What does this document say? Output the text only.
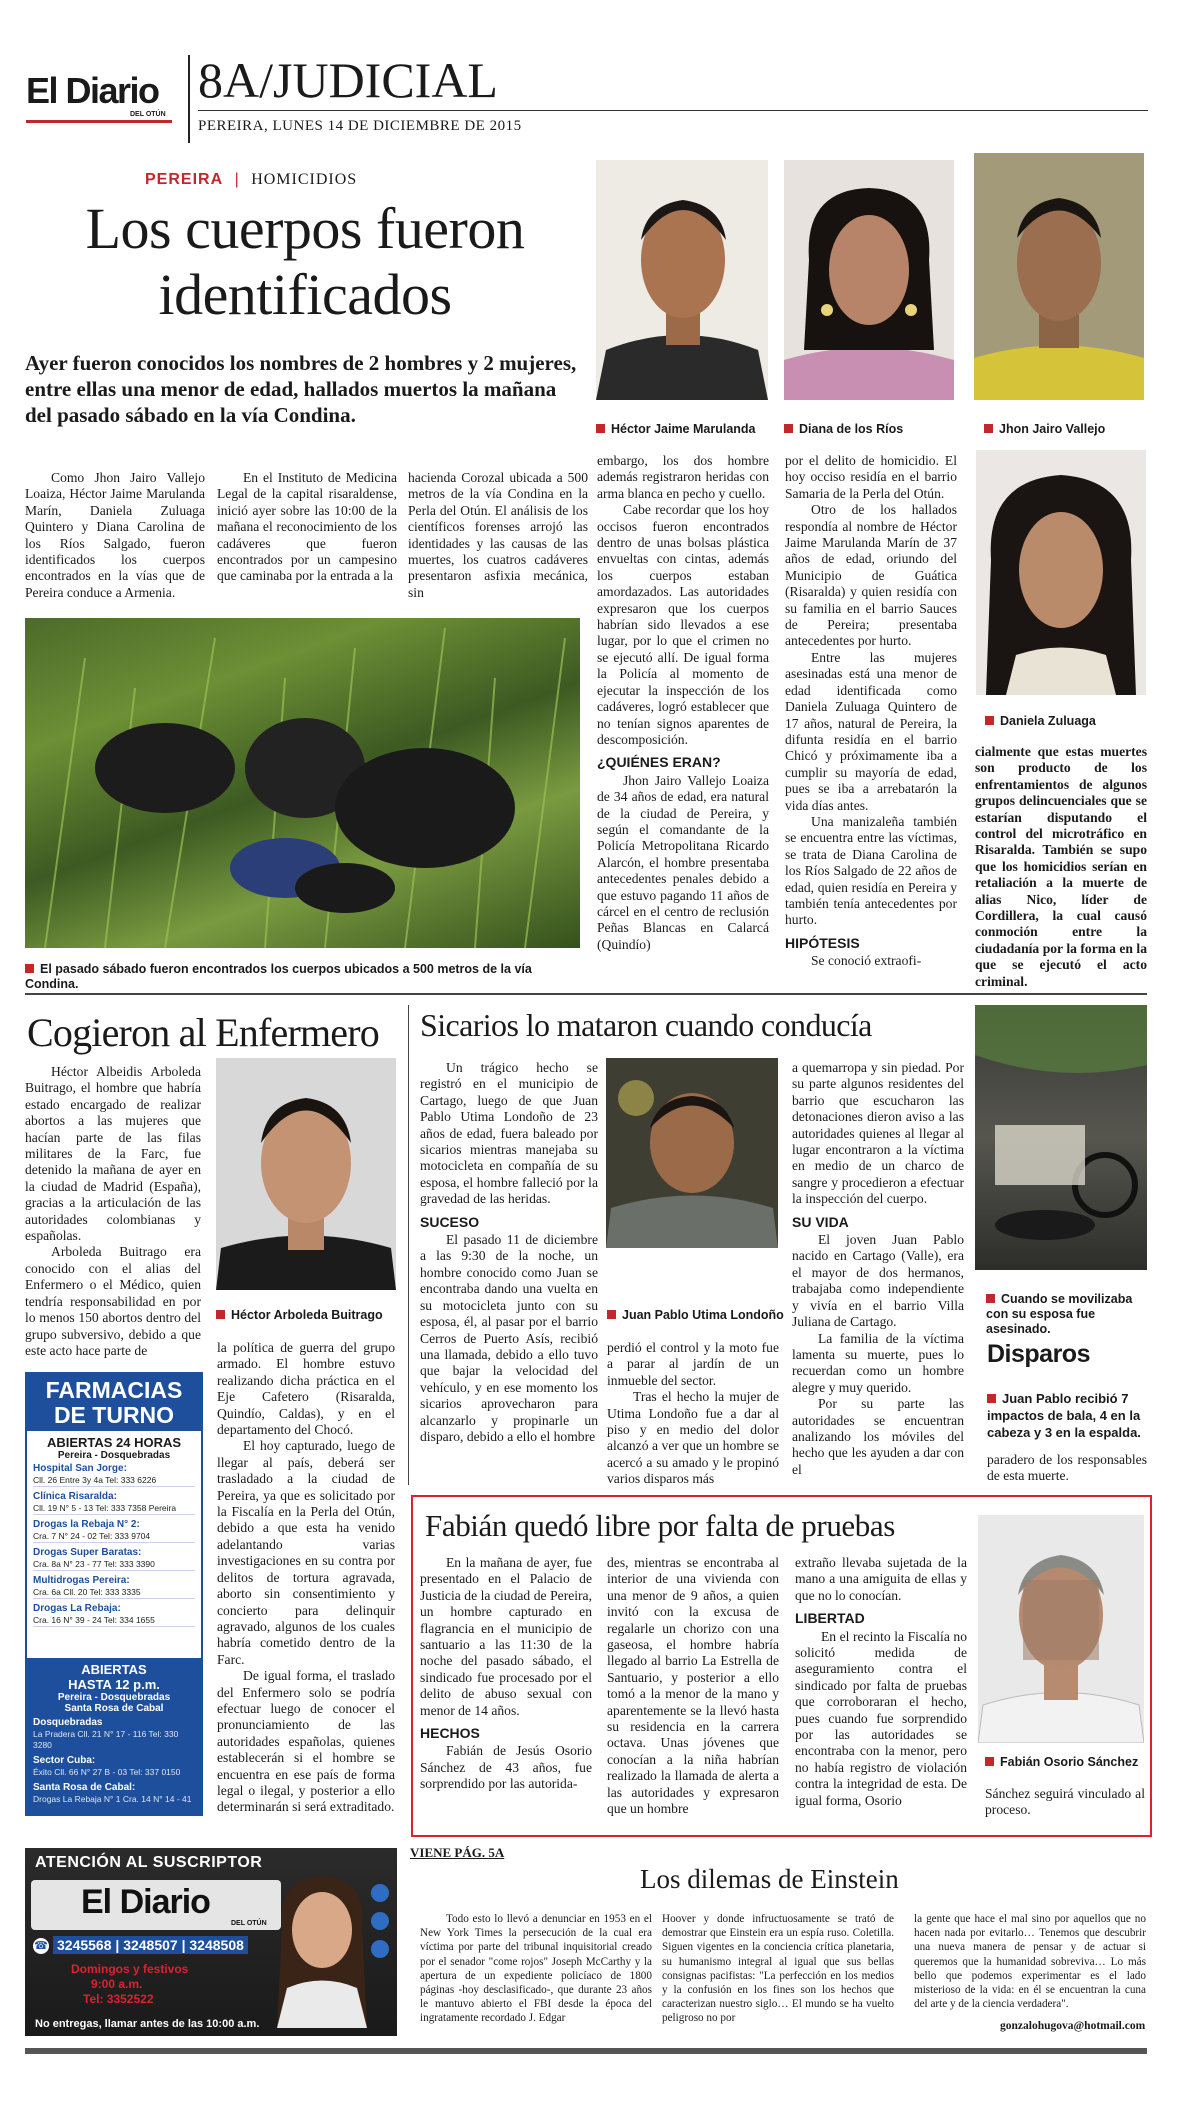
El Diario
DEL OTÚN
8A/JUDICIAL
PEREIRA, LUNES 14 DE DICIEMBRE DE 2015
PEREIRA | HOMICIDIOS
Los cuerpos fueron identificados
Ayer fueron conocidos los nombres de 2 hombres y 2 mujeres, entre ellas una menor de edad, hallados muertos la mañana del pasado sábado en la vía Condina.

Como Jhon Jairo Vallejo Loaiza, Héctor Jaime Marulanda Marín, Daniela Zuluaga Quintero y Diana Carolina de los Ríos Salgado, fueron identificados los cuerpos encontrados en la vías que de Pereira conduce a Armenia.

En el Instituto de Medicina Legal de la capital risaraldense, inició ayer sobre las 10:00 de la mañana el reconocimiento de los cadáveres que fueron encontrados por un campesino que caminaba por la entrada a la

hacienda Corozal ubicada a 500 metros de la vía Condina en la Perla del Otún. El análisis de los científicos forenses arrojó las identidades y las causas de las muertes, los cuatros cadáveres presentaron asfixia mecánica, sin

El pasado sábado fueron encontrados los cuerpos ubicados a 500 metros de la vía Condina.
Héctor Jaime Marulanda	Diana de los Ríos	Jhon Jairo Vallejo

embargo, los dos hombre además registraron heridas con arma blanca en pecho y cuello.

Cabe recordar que los hoy occisos fueron encontrados dentro de unas bolsas plástica envueltas con cintas, además los cuerpos estaban amordazados. Las autoridades expresaron que los cuerpos habrían sido llevados a ese lugar, por lo que el crimen no se ejecutó allí. De igual forma la Policía al momento de ejecutar la inspección de los cadáveres, logró establecer que no tenían signos aparentes de descomposición.

¿QUIÉNES ERAN?

Jhon Jairo Vallejo Loaiza de 34 años de edad, era natural de la ciudad de Pereira, y según el comandante de la Policía Metropolitana Ricardo Alarcón, el hombre presentaba antecedentes penales debido a que estuvo pagando 11 años de cárcel en el centro de reclusión Peñas Blancas en Calarcá (Quindío)

por el delito de homicidio. El hoy occiso residía en el barrio Samaria de la Perla del Otún.

Otro de los hallados respondía al nombre de Héctor Jaime Marulanda Marín de 37 años de edad, oriundo del Municipio de Guática (Risaralda) y quien residía con su familia en el barrio Sauces de Pereira; presentaba antecedentes por hurto.

Entre las mujeres asesinadas está una menor de edad identificada como Daniela Zuluaga Quintero de 17 años, natural de Pereira, la difunta residía en el barrio Chicó y próximamente iba a cumplir su mayoría de edad, pues se iba a arrebatarón la vida días antes.

Una manizaleña también se encuentra entre las víctimas, se trata de Diana Carolina de los Ríos Salgado de 22 años de edad, quien residía en Pereira y también tenía antecedentes por hurto.

HIPÓTESIS

Se conoció extraofi-

Daniela Zuluaga

cialmente que estas muertes son producto de los enfrentamientos de algunos grupos delincuenciales que se estarían disputando el control del microtráfico en Risaralda. También se supo que los homicidios serían en retaliación a la muerte de alias Nico, líder de Cordillera, la cual causó conmoción entre la ciudadanía por la forma en la que se ejecutó el acto criminal.

Cogieron al Enfermero

Héctor Albeidis Arboleda Buitrago, el hombre que habría estado encargado de realizar abortos a las mujeres que hacían parte de las filas militares de la Farc, fue detenido la mañana de ayer en la ciudad de Madrid (España), gracias a la articulación de las autoridades colombianas y españolas.

Arboleda Buitrago era conocido con el alias del Enfermero o el Médico, quien tendría responsabilidad en por lo menos 150 abortos dentro del grupo subversivo, debido a que este acto hace parte de

Héctor Arboleda Buitrago

la política de guerra del grupo armado. El hombre estuvo realizando dicha práctica en el Eje Cafetero (Risaralda, Quindío, Caldas), y en el departamento del Chocó.

El hoy capturado, luego de llegar al país, deberá ser trasladado a la ciudad de Pereira, ya que es solicitado por la Fiscalía en la Perla del Otún, debido a que esta ha venido adelantando varias investigaciones en su contra por delitos de tortura agravada, aborto sin consentimiento y concierto para delinquir agravado, algunos de los cuales habría cometido dentro de la Farc.

De igual forma, el traslado del Enfermero solo se podría efectuar luego de conocer el pronunciamiento de las autoridades españolas, quienes establecerán si el hombre se encuentra en ese país de forma legal o ilegal, y posterior a ello determinarán si será extraditado.

FARMACIAS
DE TURNO
ABIERTAS 24 HORAS
Pereira - Dosquebradas
Hospital San Jorge:
Cll. 26 Entre 3y 4a Tel: 333 6226
Clínica Risaralda:
Cll. 19 N° 5 - 13 Tel: 333 7358 Pereira
Drogas la Rebaja N° 2:
Cra. 7 N° 24 - 02 Tel: 333 9704
Drogas Super Baratas:
Cra. 8a N° 23 - 77 Tel: 333 3390
Multidrogas Pereira:
Cra. 6a Cll. 20 Tel: 333 3335
Drogas La Rebaja:
Cra. 16 N° 39 - 24 Tel: 334 1655
ABIERTAS
HASTA 12 p.m.
Pereira - Dosquebradas
Santa Rosa de Cabal
Dosquebradas
La Pradera Cll. 21 N° 17 - 116 Tel: 330 3280
Sector Cuba:
Éxito Cll. 66 N° 27 B - 03 Tel: 337 0150
Santa Rosa de Cabal:
Drogas La Rebaja N° 1 Cra. 14 N° 14 - 41
Sicarios lo mataron cuando conducía

Un trágico hecho se registró en el municipio de Cartago, luego de que Juan Pablo Utima Londoño de 23 años de edad, fuera baleado por sicarios mientras manejaba su motocicleta en compañía de su esposa, el hombre falleció por la gravedad de las heridas.

SUCESO

El pasado 11 de diciembre a las 9:30 de la noche, un hombre conocido como Juan se encontraba dando una vuelta en su motocicleta junto con su esposa, él, al pasar por el barrio Cerros de Puerto Asís, recibió una llamada, debido a ello tuvo que bajar la velocidad del vehículo, y en ese momento los sicarios aprovecharon para alcanzarlo y propinarle un disparo, debido a ello el hombre

Juan Pablo Utima Londoño

perdió el control y la moto fue a parar al jardín de un inmueble del sector.

Tras el hecho la mujer de Utima Londoño fue a dar al piso y en medio del dolor alcanzó a ver que un hombre se acercó a su amado y le propinó varios disparos más

a quemarropa y sin piedad. Por su parte algunos residentes del barrio que escucharon las detonaciones dieron aviso a las autoridades quienes al llegar al lugar encontraron a la víctima en medio de un charco de sangre y procedieron a efectuar la inspección del cuerpo.

SU VIDA

El joven Juan Pablo nacido en Cartago (Valle), era el mayor de dos hermanos, trabajaba como independiente y vivía en el barrio Villa Juliana de Cartago.

La familia de la víctima lamenta su muerte, pues lo recuerdan como un hombre alegre y muy querido.

Por su parte las autoridades se encuentran analizando los móviles del hecho que les ayuden a dar con el

Cuando se movilizaba con su esposa fue asesinado.
Disparos
Juan Pablo recibió 7 impactos de bala, 4 en la cabeza y 3 en la espalda.

paradero de los responsables de esta muerte.

Fabián quedó libre por falta de pruebas

En la mañana de ayer, fue presentado en el Palacio de Justicia de la ciudad de Pereira, un hombre capturado en flagrancia en el municipio de santuario a las 11:30 de la noche del pasado sábado, el sindicado fue procesado por el delito de abuso sexual con menor de 14 años.

HECHOS

Fabián de Jesús Osorio Sánchez de 43 años, fue sorprendido por las autorida-

des, mientras se encontraba al interior de una vivienda con una menor de 9 años, a quien invitó con la excusa de regalarle un chorizo con una gaseosa, el hombre habría llegado al barrio La Estrella de Santuario, y posterior a ello tomó a la menor de la mano y aparentemente se la llevó hasta su residencia en la carrera octava. Unas jóvenes que conocían a la niña habrían realizado la llamada de alerta a las autoridades y expresaron que un hombre

extraño llevaba sujetada de la mano a una amiguita de ellas y que no lo conocían.

LIBERTAD

En el recinto la Fiscalía no solicitó medida de aseguramiento contra el sindicado por falta de pruebas que corroboraran el hecho, pues cuando fue sorprendido por las autoridades se encontraba con la menor, pero no había registro de violación contra la integridad de esta. De igual forma, Osorio

Fabián Osorio Sánchez

Sánchez seguirá vinculado al proceso.

ATENCIÓN AL SUSCRIPTOR
El Diario
DEL OTÚN
☎ 3245568 | 3248507 | 3248508
Domingos y festivos
9:00 a.m.
Tel: 3352522
No entregas, llamar antes de las 10:00 a.m.
VIENE PÁG. 5A
Los dilemas de Einstein

Todo esto lo llevó a denunciar en 1953 en el New York Times la persecución de la cual era víctima por parte del tribunal inquisitorial creado por el senador "come rojos" Joseph McCarthy y la apertura de un expediente policíaco de 1800 páginas -hoy desclasificado-, que durante 23 años le mantuvo abierto el FBI desde la época del ingratamente recordado J. Edgar

Hoover y donde infructuosamente se trató de demostrar que Einstein era un espía ruso. Coletilla. Siguen vigentes en la conciencia crítica planetaria, su humanismo integral al igual que sus bellas consignas pacifistas: "La perfección en los medios y la confusión en los fines son los hechos que caracterizan nuestro siglo… El mundo se ha vuelto peligroso no por

la gente que hace el mal sino por aquellos que no hacen nada por evitarlo… Tenemos que descubrir una nueva manera de pensar y de actuar si queremos que la humanidad sobreviva… Lo más bello que podemos experimentar es el lado misterioso de la vida: en él se encuentran la cuna del arte y de la ciencia verdadera".

gonzalohugova@hotmail.com
